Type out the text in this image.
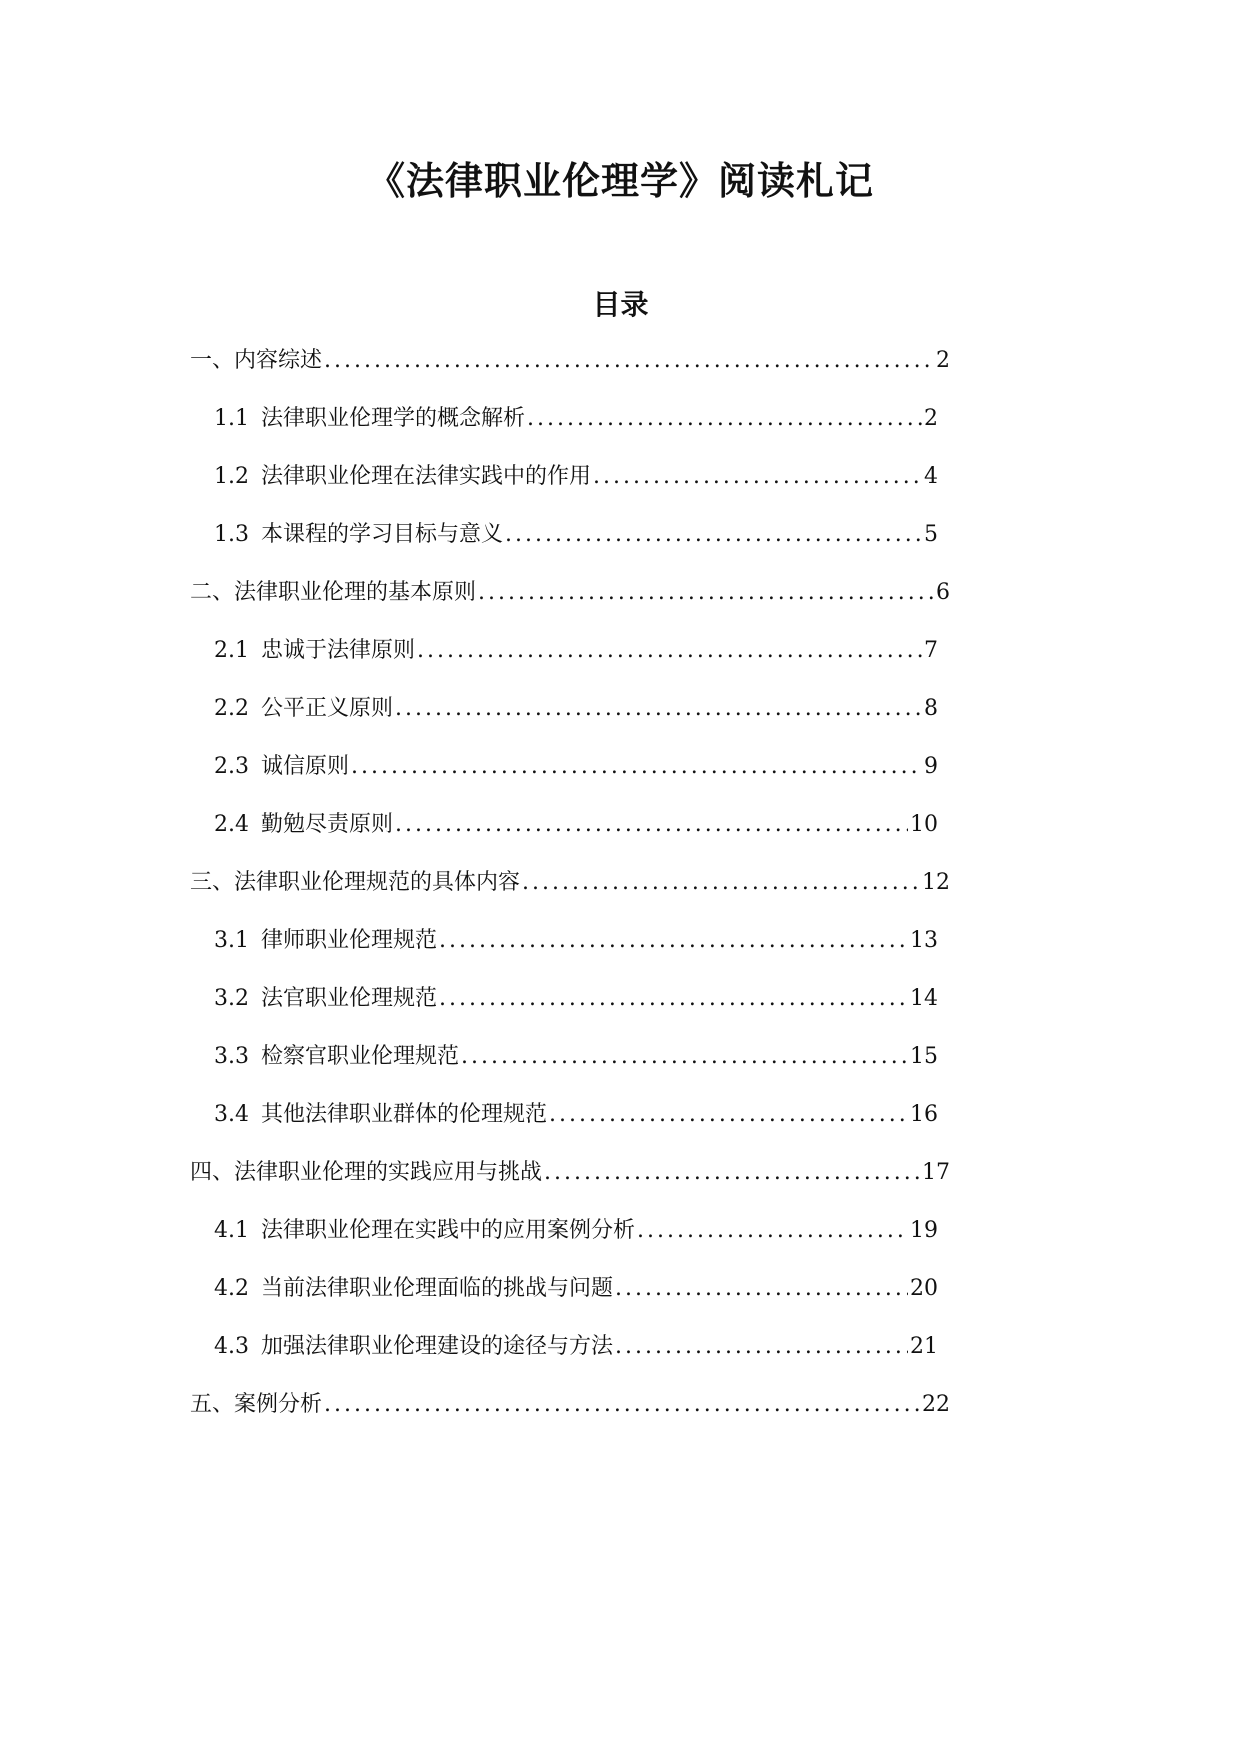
《法律职业伦理学》阅读札记
目录
一、内容综述 .....	2
1.1 法律职业伦理学的概念解析 .....	2
1.2 法律职业伦理在法律实践中的作用 .....	4
1.3 本课程的学习目标与意义 .....	5
二、法律职业伦理的基本原则 .....	6
2.1 忠诚于法律原则 .....	7
2.2 公平正义原则 .....	8
2.3 诚信原则 .....	9
2.4 勤勉尽责原则 .....	10
三、法律职业伦理规范的具体内容 .....	12
3.1 律师职业伦理规范 .....	13
3.2 法官职业伦理规范 .....	14
3.3 检察官职业伦理规范 .....	15
3.4 其他法律职业群体的伦理规范 .....	16
四、法律职业伦理的实践应用与挑战 .....	17
4.1 法律职业伦理在实践中的应用案例分析 .....	19
4.2 当前法律职业伦理面临的挑战与问题 .....	20
4.3 加强法律职业伦理建设的途径与方法 .....	21
五、案例分析 .....	22
